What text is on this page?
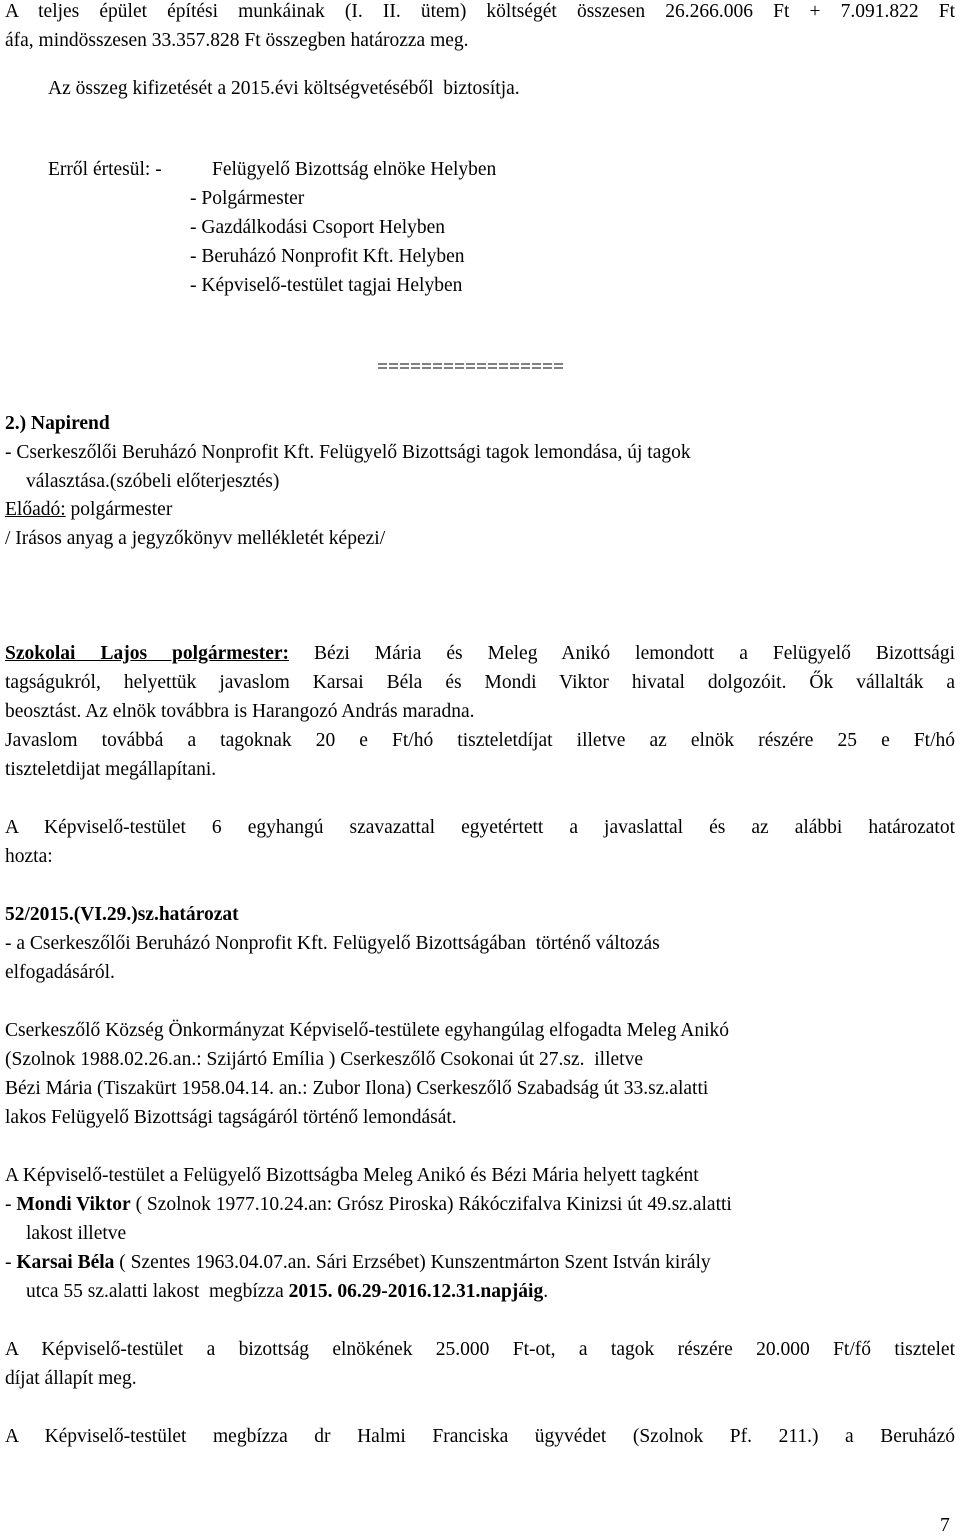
A teljes épület építési munkáinak (I. II. ütem) költségét összesen 26.266.006 Ft + 7.091.822 Ft
áfa, mindösszesen 33.357.828 Ft összegben határozza meg.
Az összeg kifizetését a 2015.évi költségvetéséből  biztosítja.
Erről értesül: -	Felügyelő Bizottság elnöke Helyben
- Polgármester
- Gazdálkodási Csoport Helyben
- Beruházó Nonprofit Kft. Helyben
- Képviselő-testület tagjai Helyben
=================
2.) Napirend
- Cserkeszőlői Beruházó Nonprofit Kft. Felügyelő Bizottsági tagok lemondása, új tagok
választása.(szóbeli előterjesztés)
Előadó: polgármester
/ Irásos anyag a jegyzőkönyv mellékletét képezi/
Szokolai Lajos polgármester: Bézi Mária és Meleg Anikó lemondott a Felügyelő Bizottsági
tagságukról, helyettük javaslom Karsai Béla és Mondi Viktor hivatal dolgozóit. Ők vállalták a
beosztást. Az elnök továbbra is Harangozó András maradna.
Javaslom továbbá a tagoknak 20 e Ft/hó tiszteletdíjat illetve az elnök részére 25 e Ft/hó
tiszteletdijat megállapítani.
A Képviselő-testület 6 egyhangú szavazattal egyetértett a javaslattal és az alábbi határozatot
hozta:
52/2015.(VI.29.)sz.határozat
- a Cserkeszőlői Beruházó Nonprofit Kft. Felügyelő Bizottságában  történő változás
elfogadásáról.
Cserkeszőlő Község Önkormányzat Képviselő-testülete egyhangúlag elfogadta Meleg Anikó
(Szolnok 1988.02.26.an.: Szijártó Emília ) Cserkeszőlő Csokonai út 27.sz.  illetve
Bézi Mária (Tiszakürt 1958.04.14. an.: Zubor Ilona) Cserkeszőlő Szabadság út 33.sz.alatti
lakos Felügyelő Bizottsági tagságáról történő lemondását.
A Képviselő-testület a Felügyelő Bizottságba Meleg Anikó és Bézi Mária helyett tagként
- Mondi Viktor ( Szolnok 1977.10.24.an: Grósz Piroska) Rákóczifalva Kinizsi út 49.sz.alatti
lakost illetve
- Karsai Béla ( Szentes 1963.04.07.an. Sári Erzsébet) Kunszentmárton Szent István király
utca 55 sz.alatti lakost  megbízza 2015. 06.29-2016.12.31.napjáig.
A Képviselő-testület a bizottság elnökének 25.000 Ft-ot, a tagok részére 20.000 Ft/fő tisztelet
díjat állapít meg.
A Képviselő-testület megbízza dr Halmi Franciska ügyvédet (Szolnok Pf. 211.) a Beruházó
7
